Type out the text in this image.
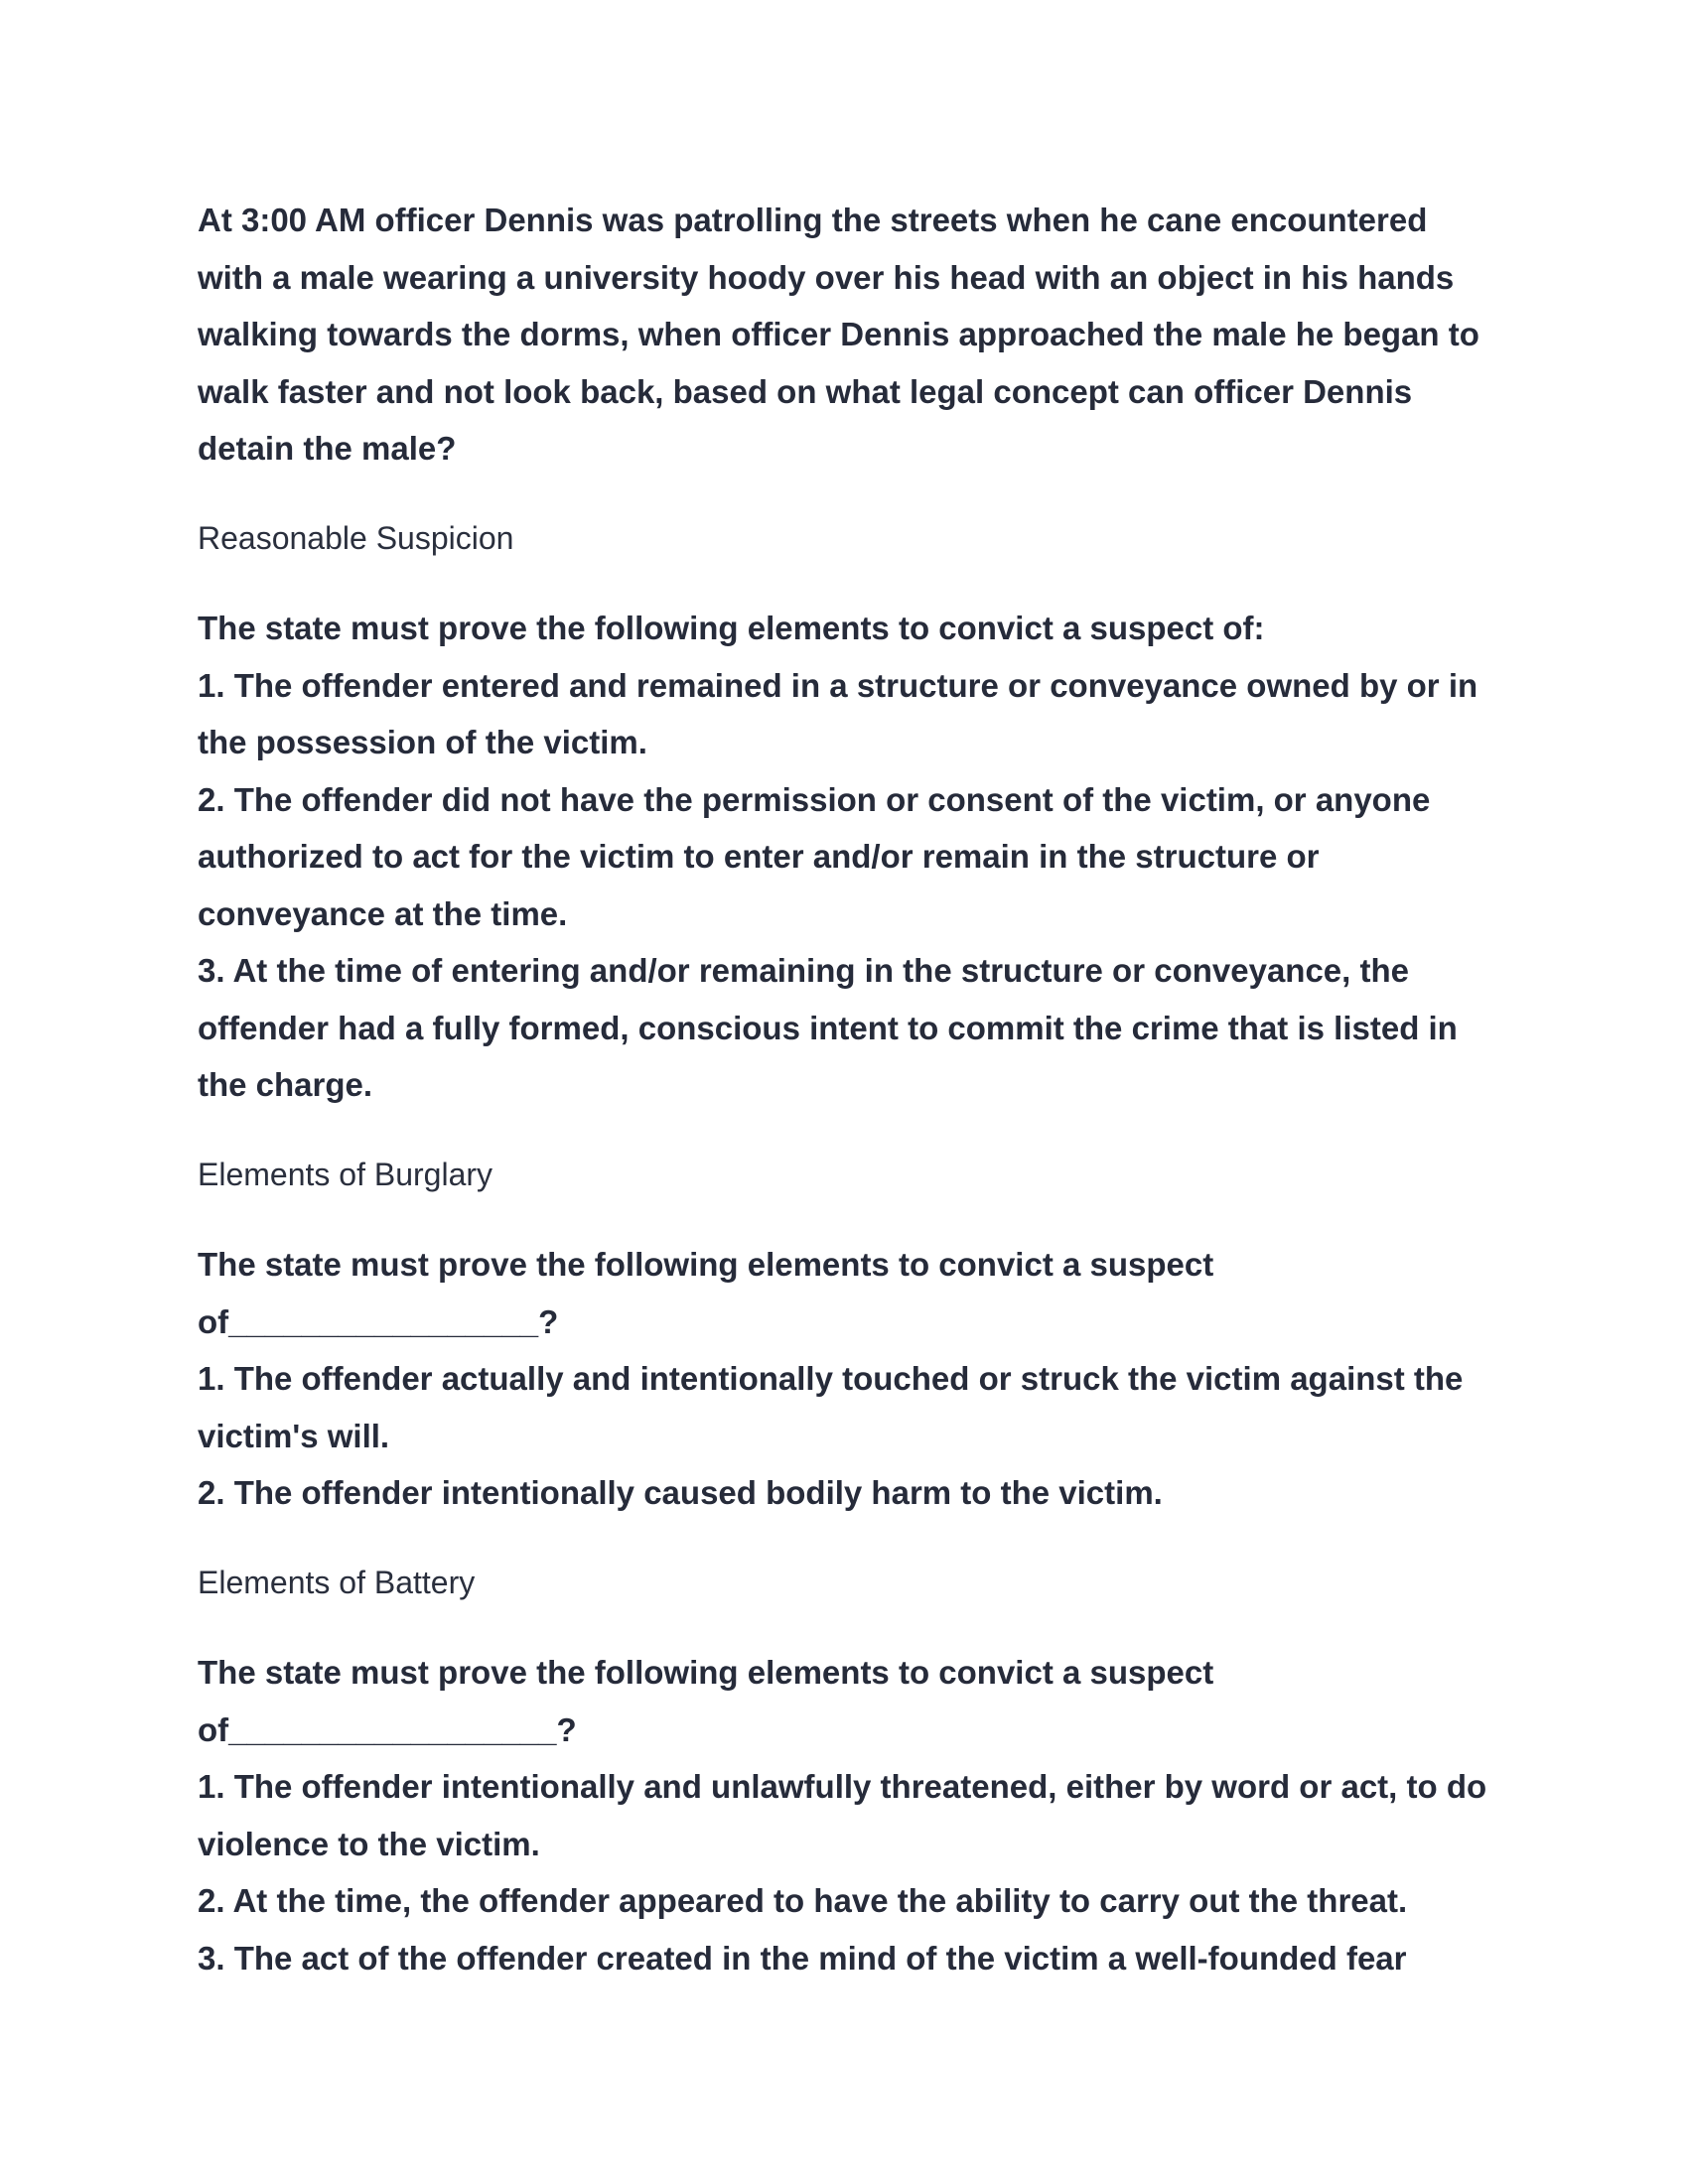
At 3:00 AM officer Dennis was patrolling the streets when he cane encountered with a male wearing a university hoody over his head with an object in his hands walking towards the dorms, when officer Dennis approached the male he began to walk faster and not look back, based on what legal concept can officer Dennis detain the male?

Reasonable Suspicion

The state must prove the following elements to convict a suspect of:

1. The offender entered and remained in a structure or conveyance owned by or in the possession of the victim.

2. The offender did not have the permission or consent of the victim, or anyone authorized to act for the victim to enter and/or remain in the structure or conveyance at the time.

3. At the time of entering and/or remaining in the structure or conveyance, the offender had a fully formed, conscious intent to commit the crime that is listed in the charge.

Elements of Burglary

The state must prove the following elements to convict a suspect of_________________?

1. The offender actually and intentionally touched or struck the victim against the victim's will.

2. The offender intentionally caused bodily harm to the victim.

Elements of Battery

The state must prove the following elements to convict a suspect of__________________?

1. The offender intentionally and unlawfully threatened, either by word or act, to do violence to the victim.

2. At the time, the offender appeared to have the ability to carry out the threat.

3. The act of the offender created in the mind of the victim a well-founded fear
